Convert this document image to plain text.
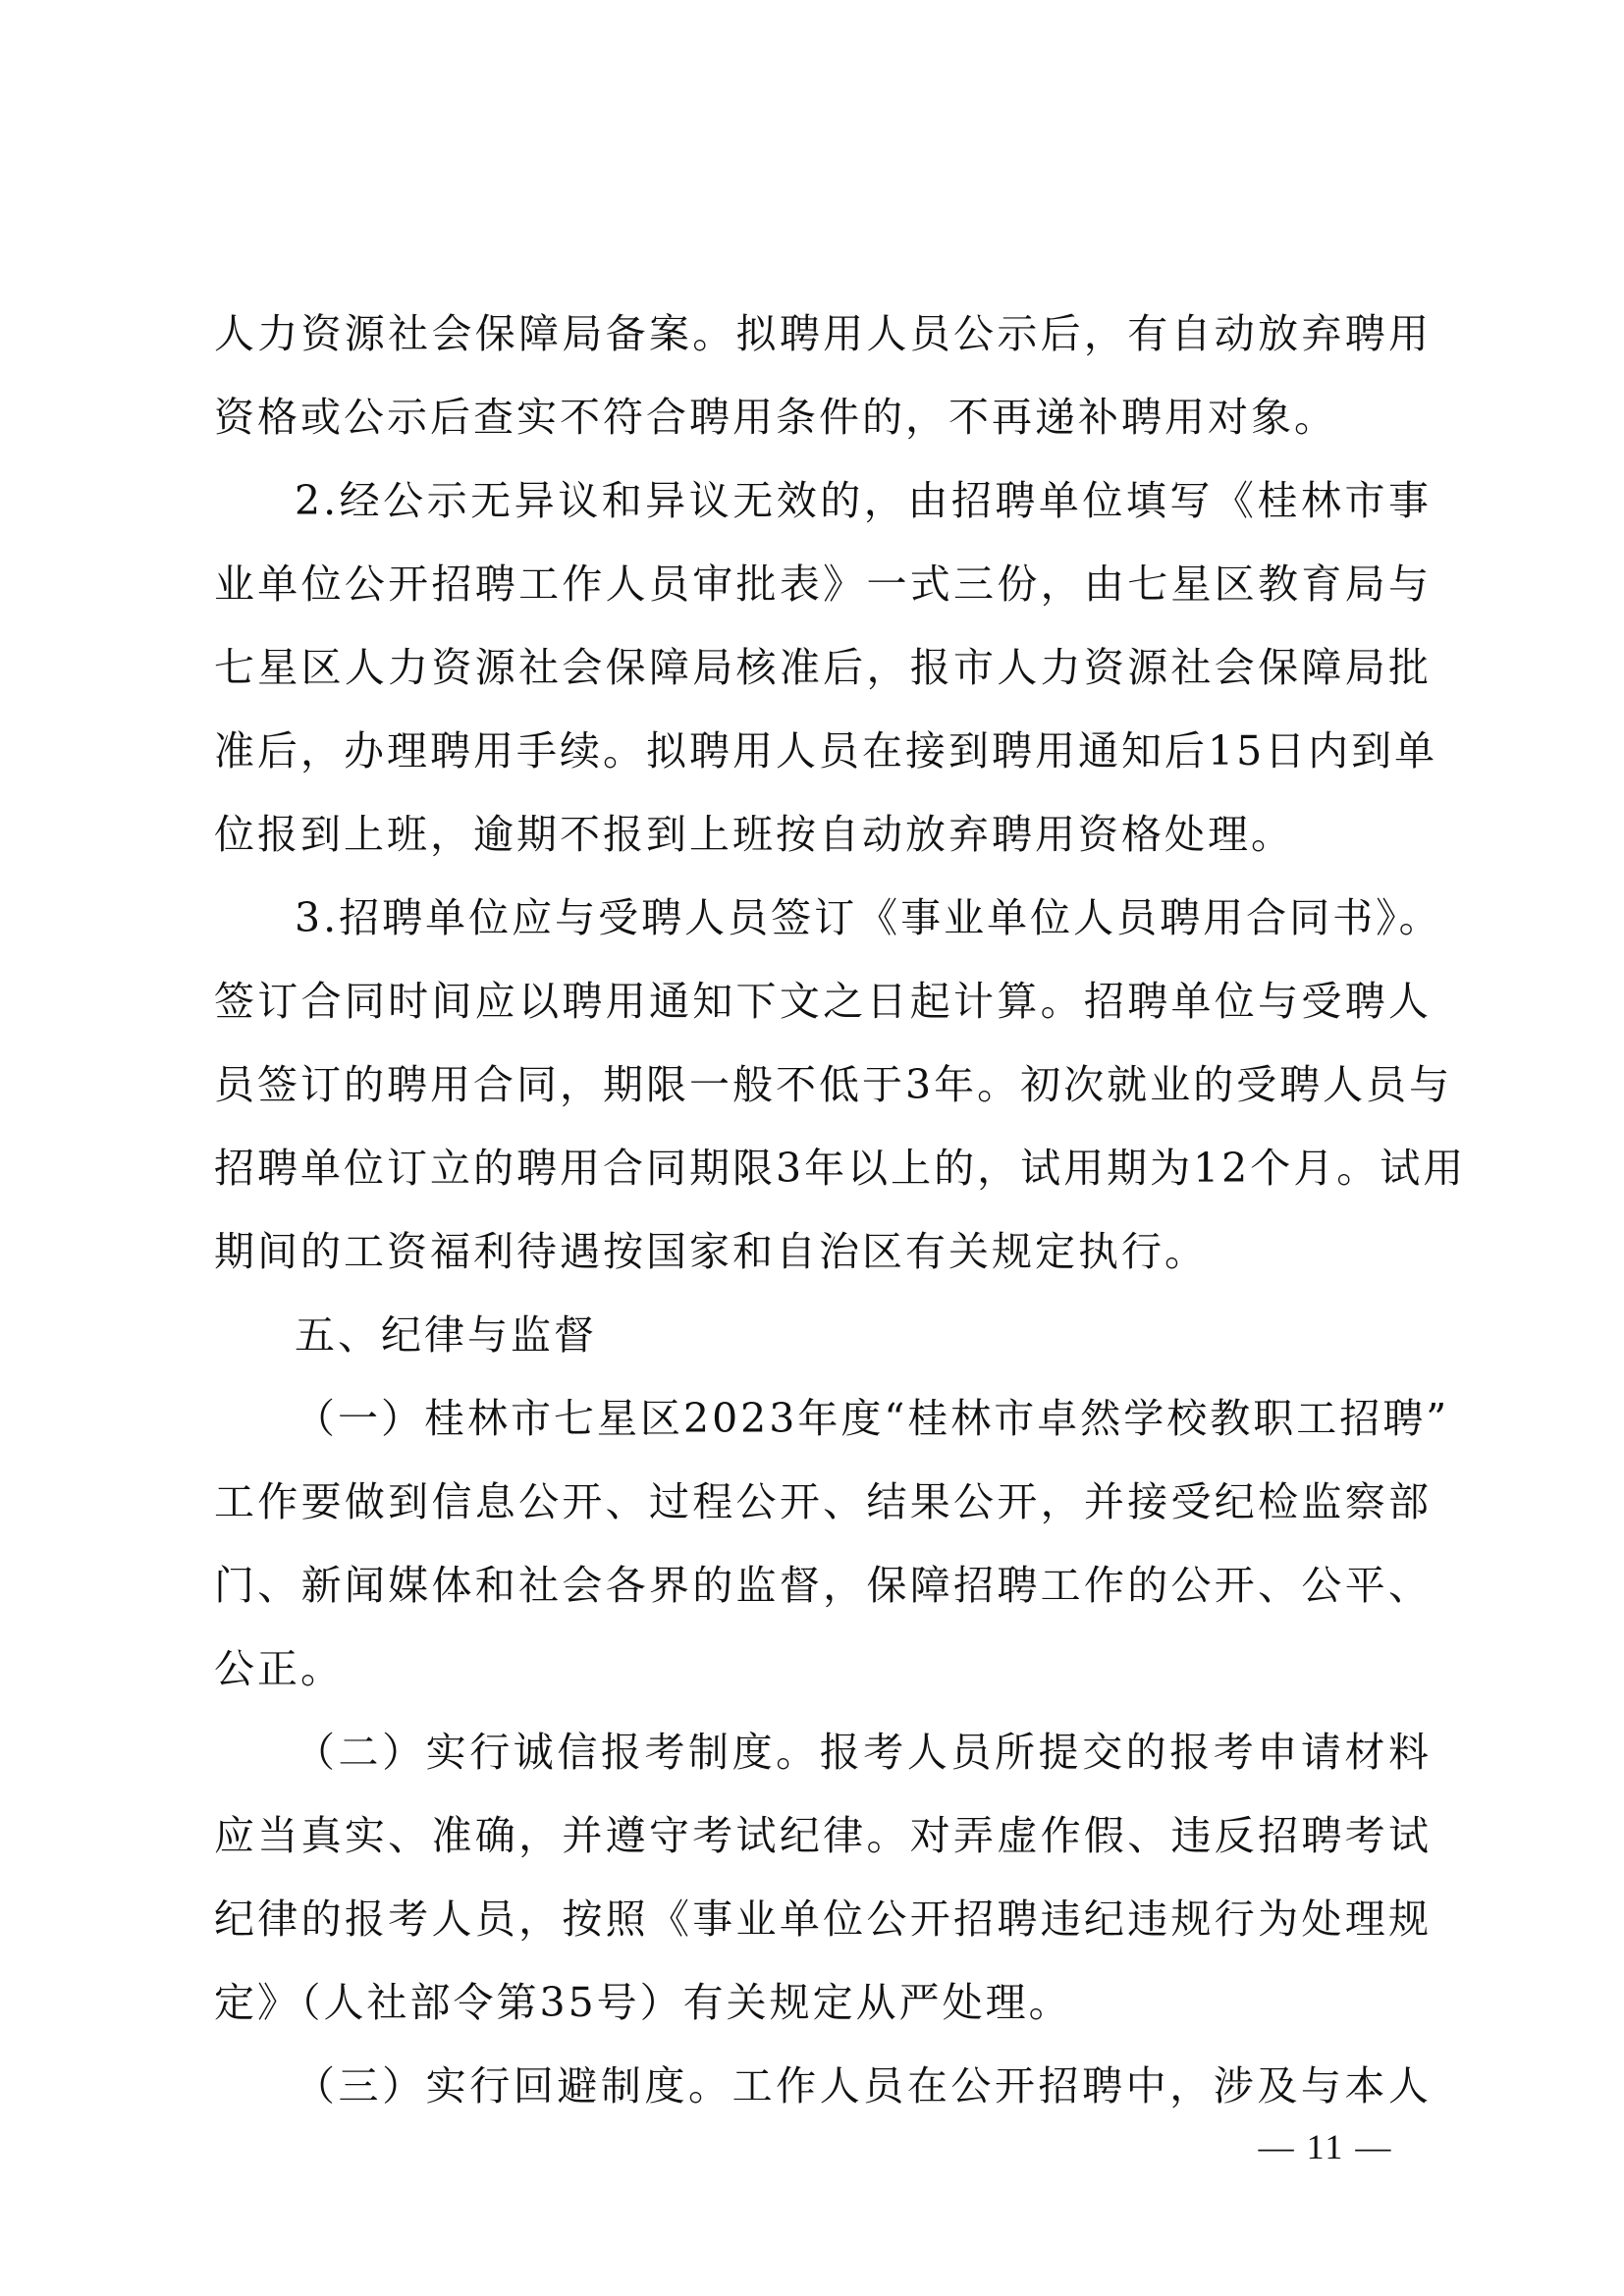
人力资源社会保障局备案。拟聘用人员公示后，有自动放弃聘用
资格或公示后查实不符合聘用条件的，不再递补聘用对象。
2.经公示无异议和异议无效的，由招聘单位填写《桂林市事
业单位公开招聘工作人员审批表》一式三份，由七星区教育局与
七星区人力资源社会保障局核准后，报市人力资源社会保障局批
准后，办理聘用手续。拟聘用人员在接到聘用通知后15日内到单
位报到上班，逾期不报到上班按自动放弃聘用资格处理。
3.招聘单位应与受聘人员签订《事业单位人员聘用合同书》。
签订合同时间应以聘用通知下文之日起计算。招聘单位与受聘人
员签订的聘用合同，期限一般不低于3年。初次就业的受聘人员与
招聘单位订立的聘用合同期限3年以上的，试用期为12个月。试用
期间的工资福利待遇按国家和自治区有关规定执行。
五、纪律与监督
（一）桂林市七星区2023年度“桂林市卓然学校教职工招聘”
工作要做到信息公开、过程公开、结果公开，并接受纪检监察部
门、新闻媒体和社会各界的监督，保障招聘工作的公开、公平、
公正。
（二）实行诚信报考制度。报考人员所提交的报考申请材料
应当真实、准确，并遵守考试纪律。对弄虚作假、违反招聘考试
纪律的报考人员，按照《事业单位公开招聘违纪违规行为处理规
定》（人社部令第35号）有关规定从严处理。
（三）实行回避制度。工作人员在公开招聘中，涉及与本人
— 11 —
